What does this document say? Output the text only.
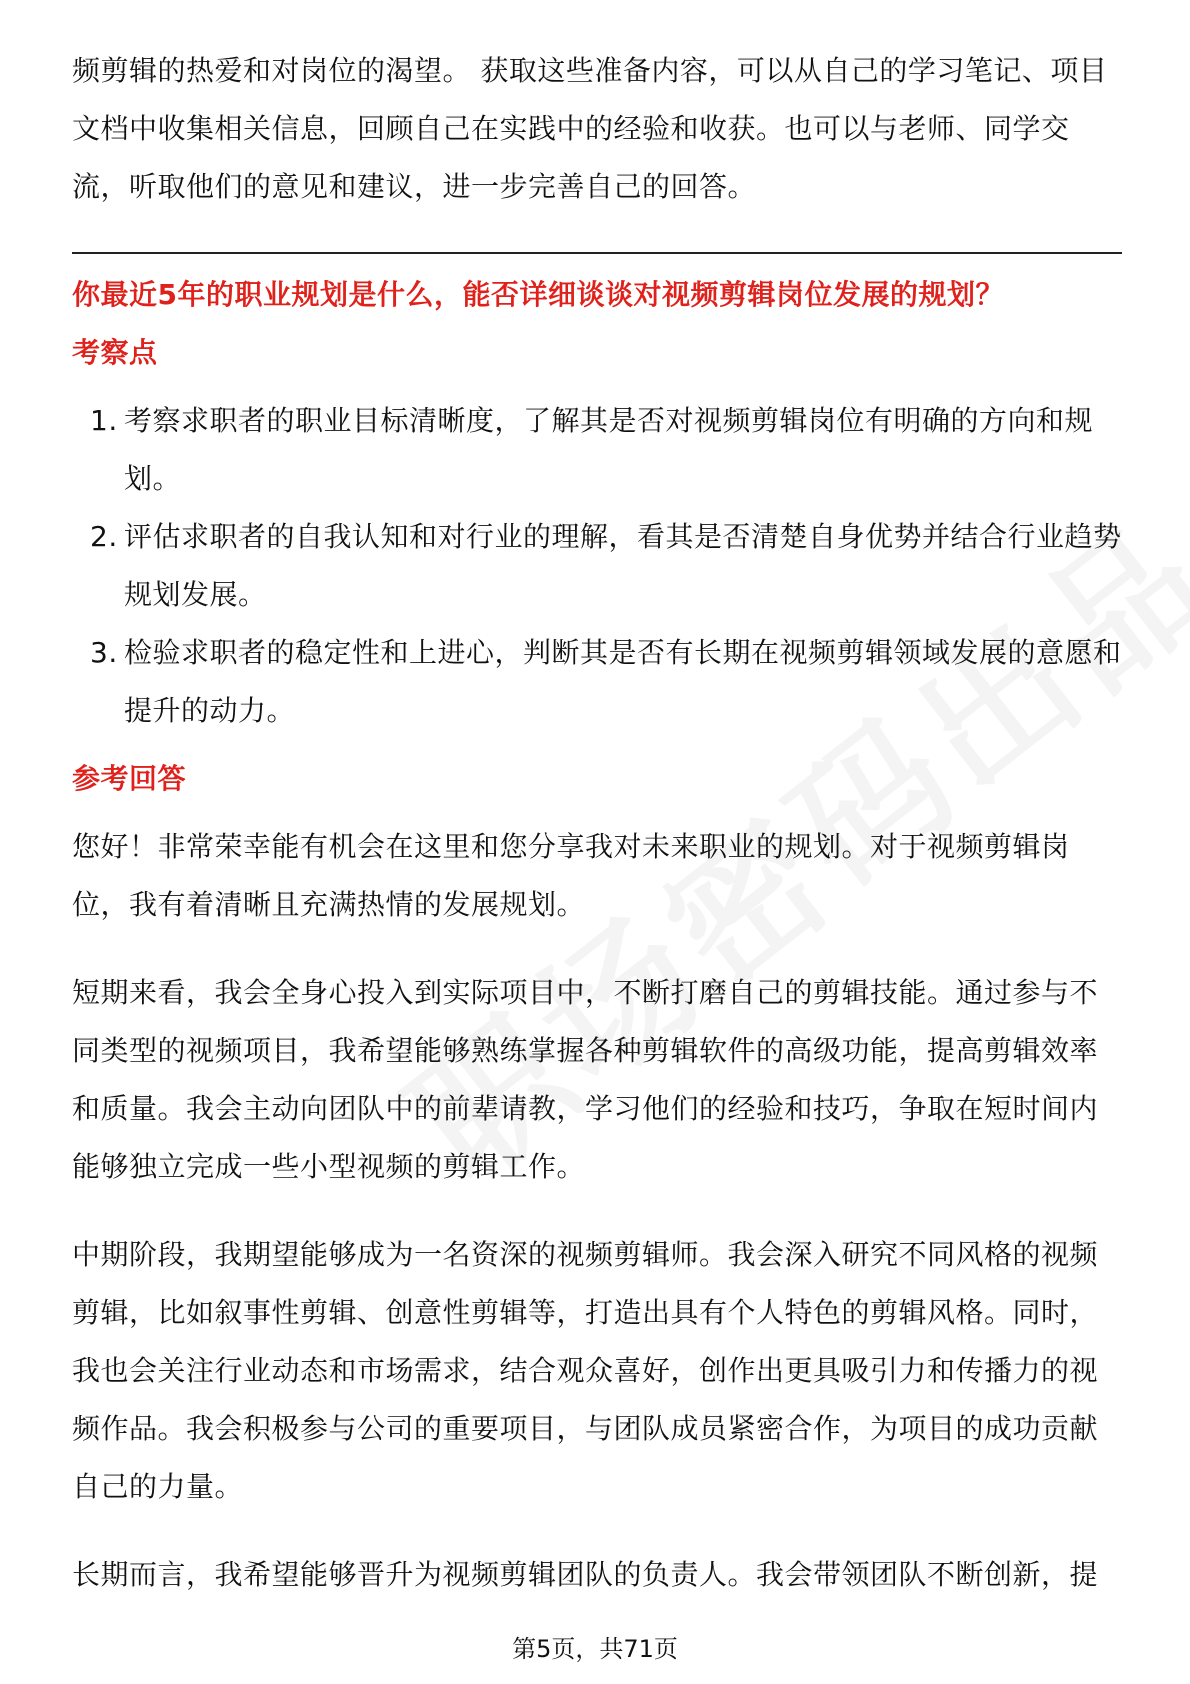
频剪辑的热爱和对岗位的渴望。 获取这些准备内容，可以从自己的学习笔记、项目文档中收集相关信息，回顾自己在实践中的经验和收获。也可以与老师、同学交流，听取他们的意见和建议，进一步完善自己的回答。

你最近5年的职业规划是什么，能否详细谈谈对视频剪辑岗位发展的规划？

考察点

1. 考察求职者的职业目标清晰度，了解其是否对视频剪辑岗位有明确的方向和规划。
2. 评估求职者的自我认知和对行业的理解，看其是否清楚自身优势并结合行业趋势规划发展。
3. 检验求职者的稳定性和上进心，判断其是否有长期在视频剪辑领域发展的意愿和提升的动力。

参考回答

您好！非常荣幸能有机会在这里和您分享我对未来职业的规划。对于视频剪辑岗位，我有着清晰且充满热情的发展规划。

短期来看，我会全身心投入到实际项目中，不断打磨自己的剪辑技能。通过参与不同类型的视频项目，我希望能够熟练掌握各种剪辑软件的高级功能，提高剪辑效率和质量。我会主动向团队中的前辈请教，学习他们的经验和技巧，争取在短时间内能够独立完成一些小型视频的剪辑工作。

中期阶段，我期望能够成为一名资深的视频剪辑师。我会深入研究不同风格的视频剪辑，比如叙事性剪辑、创意性剪辑等，打造出具有个人特色的剪辑风格。同时，我也会关注行业动态和市场需求，结合观众喜好，创作出更具吸引力和传播力的视频作品。我会积极参与公司的重要项目，与团队成员紧密合作，为项目的成功贡献自己的力量。

长期而言，我希望能够晋升为视频剪辑团队的负责人。我会带领团队不断创新，提

第5页，共71页
